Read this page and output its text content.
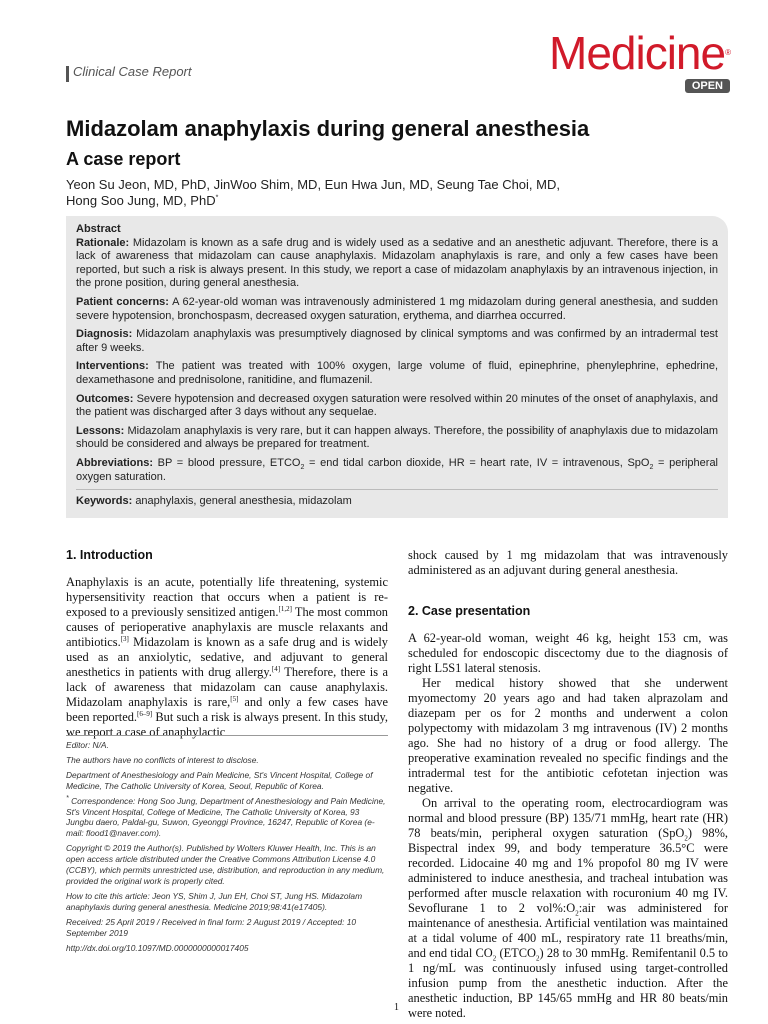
Clinical Case Report	Medicine®
OPEN
Midazolam anaphylaxis during general anesthesia
A case report
Yeon Su Jeon, MD, PhD, JinWoo Shim, MD, Eun Hwa Jun, MD, Seung Tae Choi, MD,
Hong Soo Jung, MD, PhD*

Abstract

Rationale: Midazolam is known as a safe drug and is widely used as a sedative and an anesthetic adjuvant. Therefore, there is a lack of awareness that midazolam can cause anaphylaxis. Midazolam anaphylaxis is rare, and only a few cases have been reported, but such a risk is always present. In this study, we report a case of midazolam anaphylaxis by an intravenous injection, in the prone position, during general anesthesia.

Patient concerns: A 62-year-old woman was intravenously administered 1 mg midazolam during general anesthesia, and sudden severe hypotension, bronchospasm, decreased oxygen saturation, erythema, and diarrhea occurred.

Diagnosis: Midazolam anaphylaxis was presumptively diagnosed by clinical symptoms and was confirmed by an intradermal test after 9 weeks.

Interventions: The patient was treated with 100% oxygen, large volume of fluid, epinephrine, phenylephrine, ephedrine, dexamethasone and prednisolone, ranitidine, and flumazenil.

Outcomes: Severe hypotension and decreased oxygen saturation were resolved within 20 minutes of the onset of anaphylaxis, and the patient was discharged after 3 days without any sequelae.

Lessons: Midazolam anaphylaxis is very rare, but it can happen always. Therefore, the possibility of anaphylaxis due to midazolam should be considered and always be prepared for treatment.

Abbreviations: BP = blood pressure, $ETCO_2$ = end tidal carbon dioxide, HR = heart rate, IV = intravenous, SpO$_2$ = peripheral oxygen saturation.

Keywords: anaphylaxis, general anesthesia, midazolam

1. Introduction

Anaphylaxis is an acute, potentially life threatening, systemic hypersensitivity reaction that occurs when a patient is re-exposed to a previously sensitized antigen.[1,2] The most common causes of perioperative anaphylaxis are muscle relaxants and antibiotics.[3] Midazolam is known as a safe drug and is widely used as an anxiolytic, sedative, and adjuvant to general anesthetics in patients with drug allergy.[4] Therefore, there is a lack of awareness that midazolam can cause anaphylaxis. Midazolam anaphylaxis is rare,[5] and only a few cases have been reported.[6–9] But such a risk is always present. In this study, we report a case of anaphylactic

Editor: N/A.

The authors have no conflicts of interest to disclose.

Department of Anesthesiology and Pain Medicine, St's Vincent Hospital, College of Medicine, The Catholic University of Korea, Seoul, Republic of Korea.

* Correspondence: Hong Soo Jung, Department of Anesthesiology and Pain Medicine, St's Vincent Hospital, College of Medicine, The Catholic University of Korea, 93 Jungbu daero, Paldal-gu, Suwon, Gyeonggi Province, 16247, Republic of Korea (e-mail: flood1@naver.com).

Copyright © 2019 the Author(s). Published by Wolters Kluwer Health, Inc. This is an open access article distributed under the Creative Commons Attribution License 4.0 (CCBY), which permits unrestricted use, distribution, and reproduction in any medium, provided the original work is properly cited.

How to cite this article: Jeon YS, Shim J, Jun EH, Choi ST, Jung HS. Midazolam anaphylaxis during general anesthesia. Medicine 2019;98:41(e17405).

Received: 25 April 2019 / Received in final form: 2 August 2019 / Accepted: 10 September 2019

http://dx.doi.org/10.1097/MD.0000000000017405

shock caused by 1 mg midazolam that was intravenously administered as an adjuvant during general anesthesia.

2. Case presentation

A 62-year-old woman, weight 46 kg, height 153 cm, was scheduled for endoscopic discectomy due to the diagnosis of right L5S1 lateral stenosis.

Her medical history showed that she underwent myomectomy 20 years ago and had taken alprazolam and diazepam per os for 2 months and underwent a colon polypectomy with midazolam 3 mg intravenous (IV) 2 months ago. She had no history of a drug or food allergy. The preoperative examination revealed no specific findings and the intradermal test for the antibiotic cefotetan injection was negative.

On arrival to the operating room, electrocardiogram was normal and blood pressure (BP) 135/71 mmHg, heart rate (HR) 78 beats/min, peripheral oxygen saturation (SpO$_2$) 98%, Bispectral index 99, and body temperature 36.5°C were recorded. Lidocaine 40 mg and 1% propofol 80 mg IV were administered to induce anesthesia, and tracheal intubation was performed after muscle relaxation with rocuronium 40 mg IV. Sevoflurane 1 to 2 $vol\%:O_2:air$ was administered for maintenance of anesthesia. Artificial ventilation was maintained at a tidal volume of 400 mL, respiratory rate 11 breaths/min, and end tidal $CO_2$ $(ETCO_2)$ 28 to 30 mmHg. Remifentanil 0.5 to 1 ng/mL was continuously infused using target-controlled infusion pump from the anesthetic induction. After the anesthetic induction, BP 145/65 mmHg and HR 80 beats/min were noted.

1
